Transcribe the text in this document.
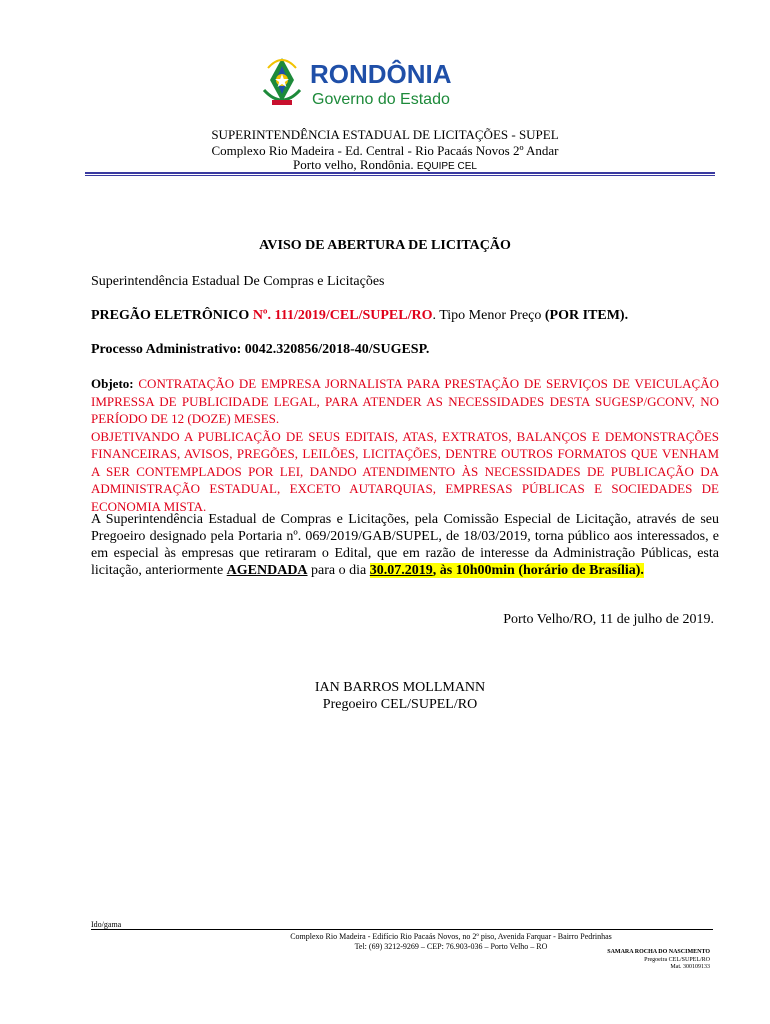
RONDÔNIA
Governo do Estado
SUPERINTENDÊNCIA ESTADUAL DE LICITAÇÕES - SUPEL
Complexo Rio Madeira - Ed. Central - Rio Pacaás Novos 2º Andar
Porto velho, Rondônia. EQUIPE CEL
AVISO DE ABERTURA DE LICITAÇÃO
Superintendência Estadual De Compras e Licitações
PREGÃO ELETRÔNICO Nº. 111/2019/CEL/SUPEL/RO. Tipo Menor Preço (POR ITEM).
Processo Administrativo: 0042.320856/2018-40/SUGESP.
Objeto: CONTRATAÇÃO DE EMPRESA JORNALISTA PARA PRESTAÇÃO DE SERVIÇOS DE VEICULAÇÃO IMPRESSA DE PUBLICIDADE LEGAL, PARA ATENDER AS NECESSIDADES DESTA SUGESP/GCONV, NO PERÍODO DE 12 (DOZE) MESES.
OBJETIVANDO A PUBLICAÇÃO DE SEUS EDITAIS, ATAS, EXTRATOS, BALANÇOS E DEMONSTRAÇÕES FINANCEIRAS, AVISOS, PREGÕES, LEILÕES, LICITAÇÕES, DENTRE OUTROS FORMATOS QUE VENHAM A SER CONTEMPLADOS POR LEI, DANDO ATENDIMENTO ÀS NECESSIDADES DE PUBLICAÇÃO DA ADMINISTRAÇÃO ESTADUAL, EXCETO AUTARQUIAS, EMPRESAS PÚBLICAS E SOCIEDADES DE ECONOMIA MISTA.
A Superintendência Estadual de Compras e Licitações, pela Comissão Especial de Licitação, através de seu Pregoeiro designado pela Portaria nº. 069/2019/GAB/SUPEL, de 18/03/2019, torna público aos interessados, e em especial às empresas que retiraram o Edital, que em razão de interesse da Administração Públicas, esta licitação, anteriormente AGENDADA para o dia 30.07.2019, às 10h00min (horário de Brasília).
Porto Velho/RO, 11 de julho de 2019.
IAN BARROS MOLLMANN
Pregoeiro CEL/SUPEL/RO
Ido/gama
Complexo Rio Madeira - Edifício Rio Pacaás Novos, no 2º piso, Avenida Farquar - Bairro Pedrinhas
Tel: (69) 3212-9269 – CEP: 76.903-036 – Porto Velho – RO
SAMARA ROCHA DO NASCIMENTO
Pregoeira CEL/SUPEL/RO
Mat. 300109133
